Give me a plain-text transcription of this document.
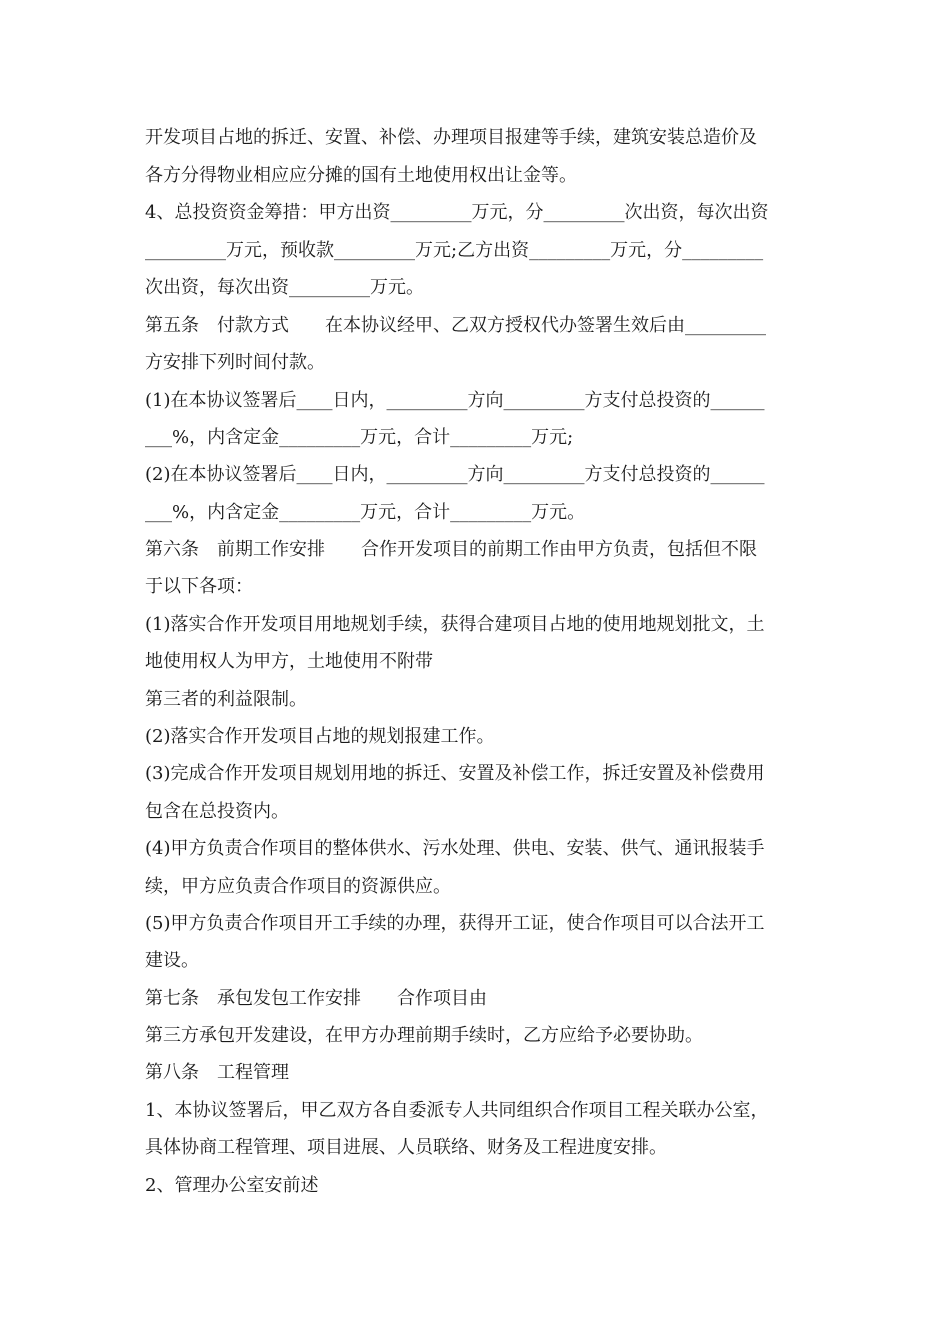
开发项目占地的拆迁、安置、补偿、办理项目报建等手续，建筑安装总造价及
各方分得物业相应应分摊的国有土地使用权出让金等。
4、总投资资金筹措：甲方出资_________万元，分_________次出资，每次出资
_________万元，预收款_________万元;乙方出资_________万元，分_________
次出资，每次出资_________万元。
第五条　付款方式　　在本协议经甲、乙双方授权代办签署生效后由_________
方安排下列时间付款。
(1)在本协议签署后____日内，_________方向_________方支付总投资的______
___%，内含定金_________万元，合计_________万元;
(2)在本协议签署后____日内，_________方向_________方支付总投资的______
___%，内含定金_________万元，合计_________万元。
第六条　前期工作安排　　合作开发项目的前期工作由甲方负责，包括但不限
于以下各项：
(1)落实合作开发项目用地规划手续，获得合建项目占地的使用地规划批文，土
地使用权人为甲方，土地使用不附带
第三者的利益限制。
(2)落实合作开发项目占地的规划报建工作。
(3)完成合作开发项目规划用地的拆迁、安置及补偿工作，拆迁安置及补偿费用
包含在总投资内。
(4)甲方负责合作项目的整体供水、污水处理、供电、安装、供气、通讯报装手
续，甲方应负责合作项目的资源供应。
(5)甲方负责合作项目开工手续的办理，获得开工证，使合作项目可以合法开工
建设。
第七条　承包发包工作安排　　合作项目由
第三方承包开发建设，在甲方办理前期手续时，乙方应给予必要协助。
第八条　工程管理
1、本协议签署后，甲乙双方各自委派专人共同组织合作项目工程关联办公室，
具体协商工程管理、项目进展、人员联络、财务及工程进度安排。
2、管理办公室安前述
